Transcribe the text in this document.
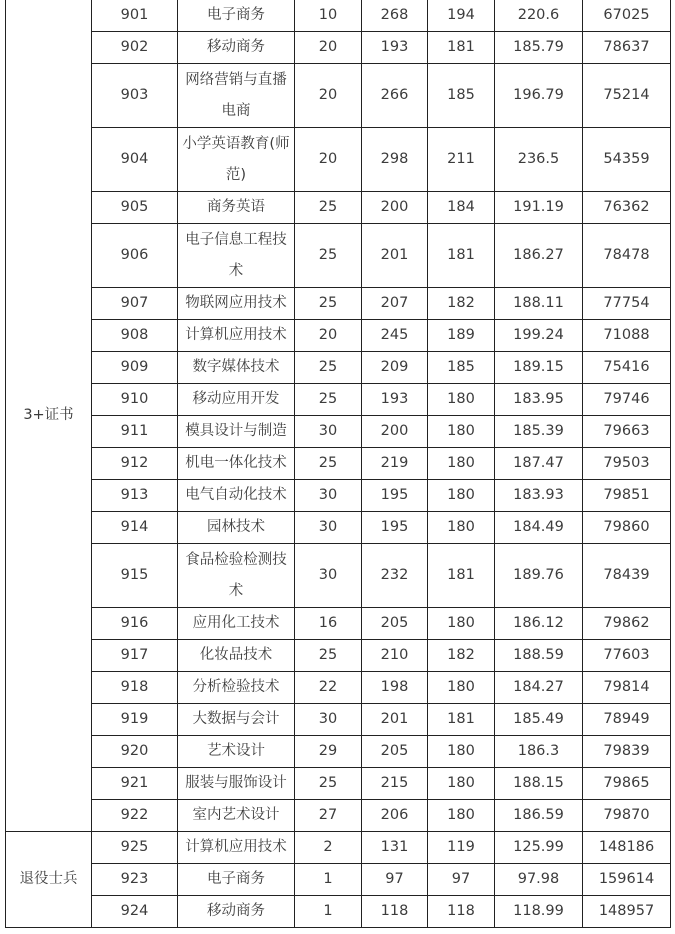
3+证书	901	电子商务	10	268	194	220.6	67025
	902	移动商务	20	193	181	185.79	78637
	903	网络营销与直播电商	20	266	185	196.79	75214
	904	小学英语教育(师范)	20	298	211	236.5	54359
	905	商务英语	25	200	184	191.19	76362
	906	电子信息工程技术	25	201	181	186.27	78478
	907	物联网应用技术	25	207	182	188.11	77754
	908	计算机应用技术	20	245	189	199.24	71088
	909	数字媒体技术	25	209	185	189.15	75416
	910	移动应用开发	25	193	180	183.95	79746
	911	模具设计与制造	30	200	180	185.39	79663
	912	机电一体化技术	25	219	180	187.47	79503
	913	电气自动化技术	30	195	180	183.93	79851
	914	园林技术	30	195	180	184.49	79860
	915	食品检验检测技术	30	232	181	189.76	78439
	916	应用化工技术	16	205	180	186.12	79862
	917	化妆品技术	25	210	182	188.59	77603
	918	分析检验技术	22	198	180	184.27	79814
	919	大数据与会计	30	201	181	185.49	78949
	920	艺术设计	29	205	180	186.3	79839
	921	服装与服饰设计	25	215	180	188.15	79865
	922	室内艺术设计	27	206	180	186.59	79870
退役士兵	925	计算机应用技术	2	131	119	125.99	148186
	923	电子商务	1	97	97	97.98	159614
	924	移动商务	1	118	118	118.99	148957
